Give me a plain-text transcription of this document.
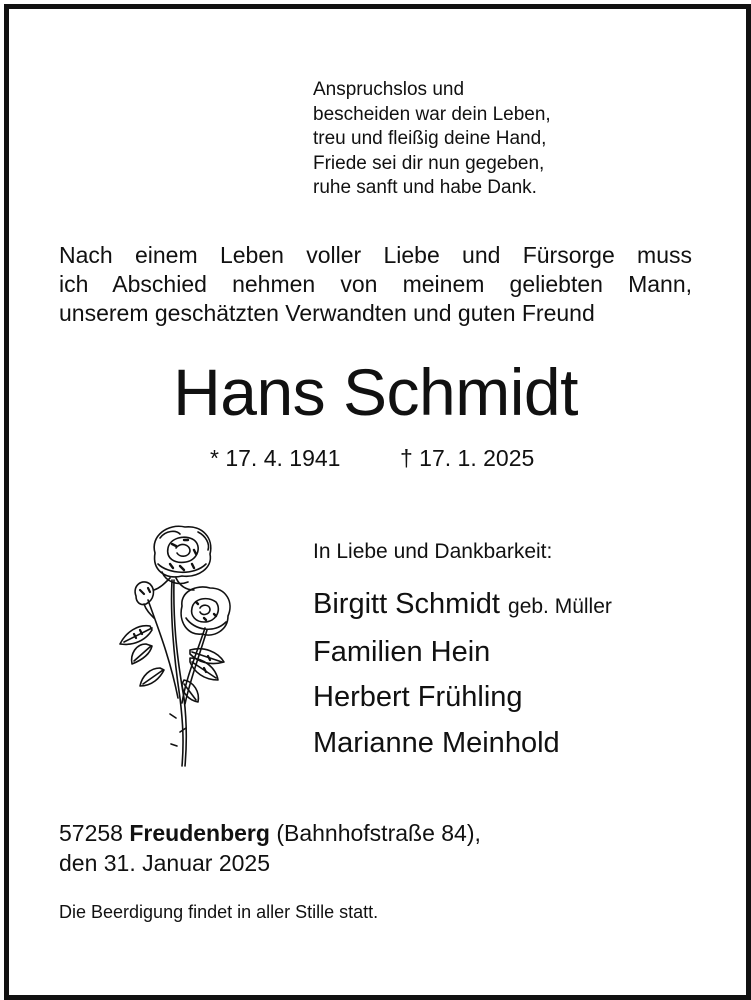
Anspruchslos und
bescheiden war dein Leben,
treu und fleißig deine Hand,
Friede sei dir nun gegeben,
ruhe sanft und habe Dank.
Nach einem Leben voller Liebe und Fürsorge muss
ich Abschied nehmen von meinem geliebten Mann,
unserem geschätzten Verwandten und guten Freund
Hans Schmidt
* 17. 4. 1941	† 17. 1. 2025
In Liebe und Dankbarkeit:
Birgitt Schmidt geb. Müller
Familien Hein
Herbert Frühling
Marianne Meinhold
57258 Freudenberg (Bahnhofstraße 84),
den 31. Januar 2025
Die Beerdigung findet in aller Stille statt.
